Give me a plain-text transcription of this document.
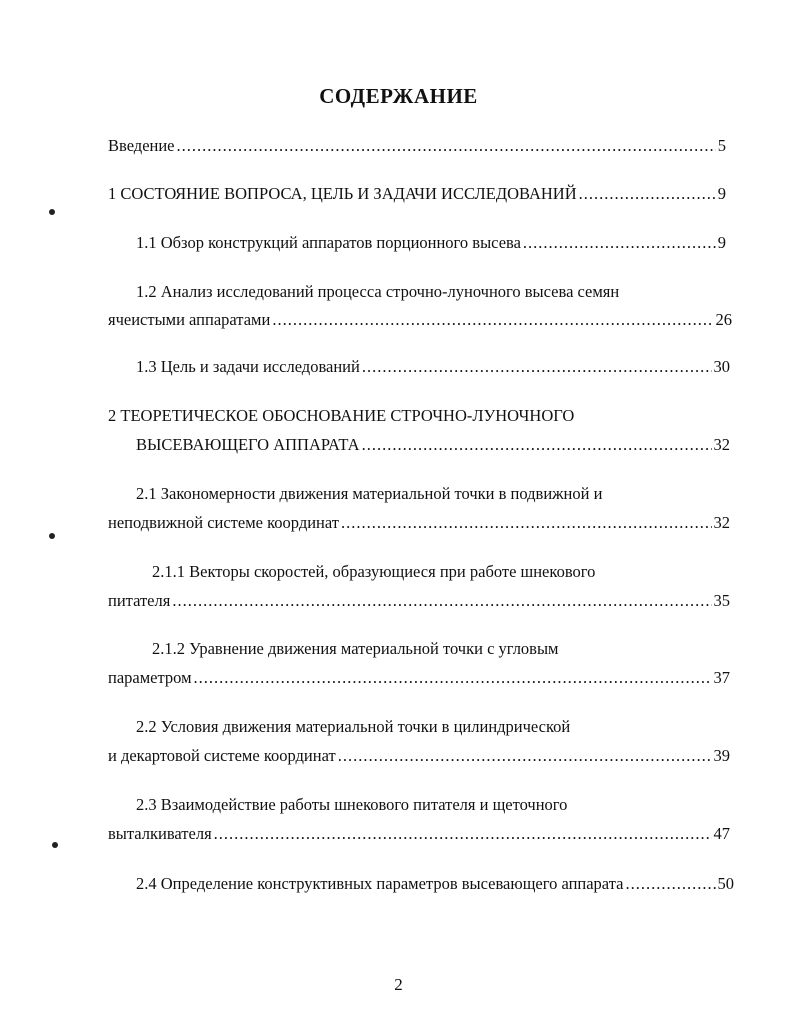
СОДЕРЖАНИЕ
Введение .....	5
1 СОСТОЯНИЕ ВОПРОСА, ЦЕЛЬ И ЗАДАЧИ ИССЛЕДОВАНИЙ .....	9
1.1 Обзор конструкций аппаратов порционного высева .....	9
1.2 Анализ исследований процесса строчно-луночного высева семян
ячеистыми аппаратами .....	26
1.3 Цель и задачи исследований .....	30
2 ТЕОРЕТИЧЕСКОЕ ОБОСНОВАНИЕ СТРОЧНО-ЛУНОЧНОГО
ВЫСЕВАЮЩЕГО АППАРАТА .....	32
2.1 Закономерности движения материальной точки в подвижной и
неподвижной системе координат .....	32
2.1.1 Векторы скоростей, образующиеся при работе шнекового
питателя .....	35
2.1.2 Уравнение движения материальной точки с угловым
параметром .....	37
2.2 Условия движения материальной точки в цилиндрической
и декартовой системе координат .....	39
2.3 Взаимодействие работы шнекового питателя и щеточного
выталкивателя .....	47
2.4 Определение конструктивных параметров высевающего аппарата .....	50
2
